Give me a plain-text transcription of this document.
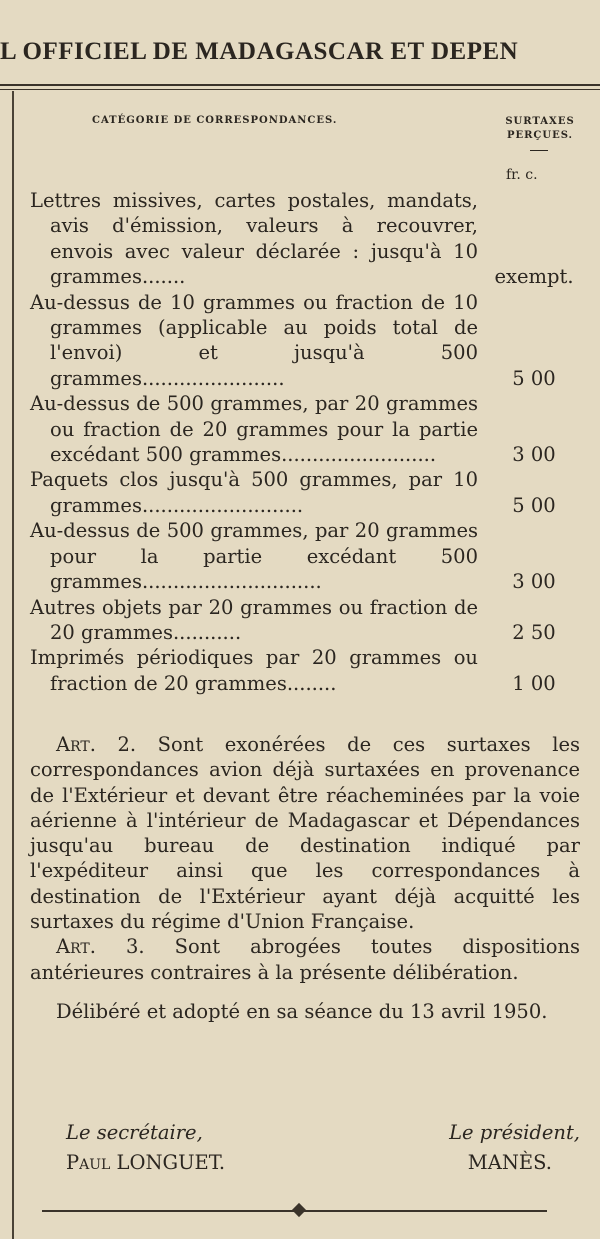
L OFFICIEL DE MADAGASCAR ET DEPEN
CATÉGORIE DE CORRESPONDANCES.	SURTAXES
PERÇUES.
fr. c.
Lettres missives, cartes postales, mandats, avis d'émission, valeurs à recouvrer, envois avec valeur déclarée : jusqu'à 10 grammes.......	exempt.
Au-dessus de 10 grammes ou fraction de 10 grammes (applicable au poids total de l'envoi) et jusqu'à 500 grammes.......................	5 00
Au-dessus de 500 grammes, par 20 grammes ou fraction de 20 grammes pour la partie excédant 500 grammes.........................	3 00
Paquets clos jusqu'à 500 grammes, par 10 grammes..........................	5 00
Au-dessus de 500 grammes, par 20 grammes pour la partie excédant 500 grammes.............................	3 00
Autres objets par 20 grammes ou fraction de 20 grammes...........	2 50
Imprimés périodiques par 20 grammes ou fraction de 20 grammes........	1 00

Art. 2. Sont exonérées de ces surtaxes les correspondances avion déjà surtaxées en provenance de l'Extérieur et devant être réacheminées par la voie aérienne à l'intérieur de Madagascar et Dépendances jusqu'au bureau de destination indiqué par l'expéditeur ainsi que les correspondances à destination de l'Extérieur ayant déjà acquitté les surtaxes du régime d'Union Française.

Art. 3. Sont abrogées toutes dispositions antérieures contraires à la présente délibération.

Délibéré et adopté en sa séance du 13 avril 1950.

Le secrétaire,
Paul LONGUET.
Le président,
MANÈS.
